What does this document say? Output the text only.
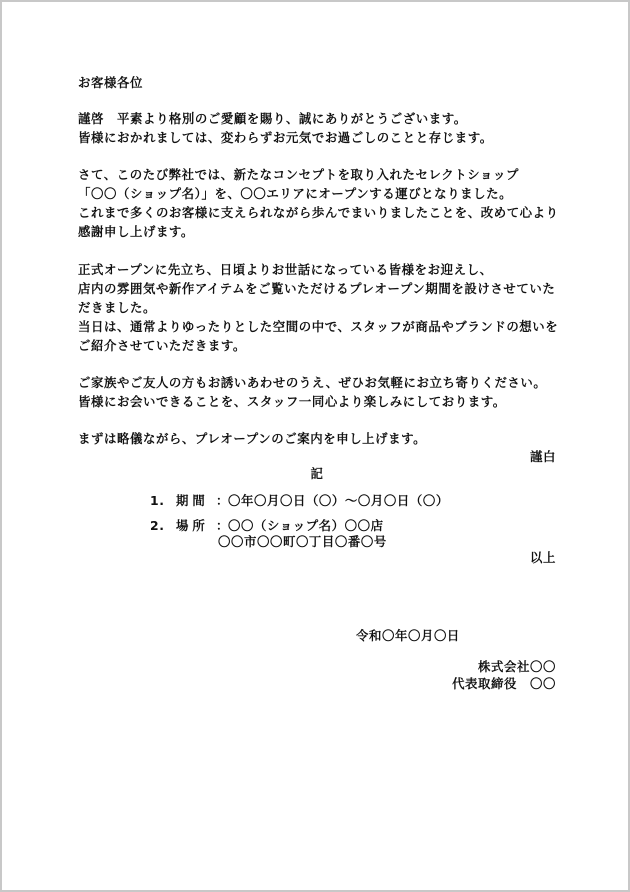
お客様各位
謹啓　平素より格別のご愛顧を賜り、誠にありがとうございます。
皆様におかれましては、変わらずお元気でお過ごしのことと存じます。
さて、このたび弊社では、新たなコンセプトを取り入れたセレクトショップ
「〇〇（ショップ名）」を、〇〇エリアにオープンする運びとなりました。
これまで多くのお客様に支えられながら歩んでまいりましたことを、改めて心より
感謝申し上げます。
正式オープンに先立ち、日頃よりお世話になっている皆様をお迎えし、
店内の雰囲気や新作アイテムをご覧いただけるプレオープン期間を設けさせていた
だきました。
当日は、通常よりゆったりとした空間の中で、スタッフが商品やブランドの想いを
ご紹介させていただきます。
ご家族やご友人の方もお誘いあわせのうえ、ぜひお気軽にお立ち寄りください。
皆様にお会いできることを、スタッフ一同心より楽しみにしております。
まずは略儀ながら、プレオープンのご案内を申し上げます。
謹白
記
1. 期間 ：〇年〇月〇日（〇）～〇月〇日（〇）
2. 場所 ：〇〇（ショップ名）〇〇店
〇〇市〇〇町〇丁目〇番〇号
以上
令和〇年〇月〇日
株式会社〇〇
代表取締役　〇〇
